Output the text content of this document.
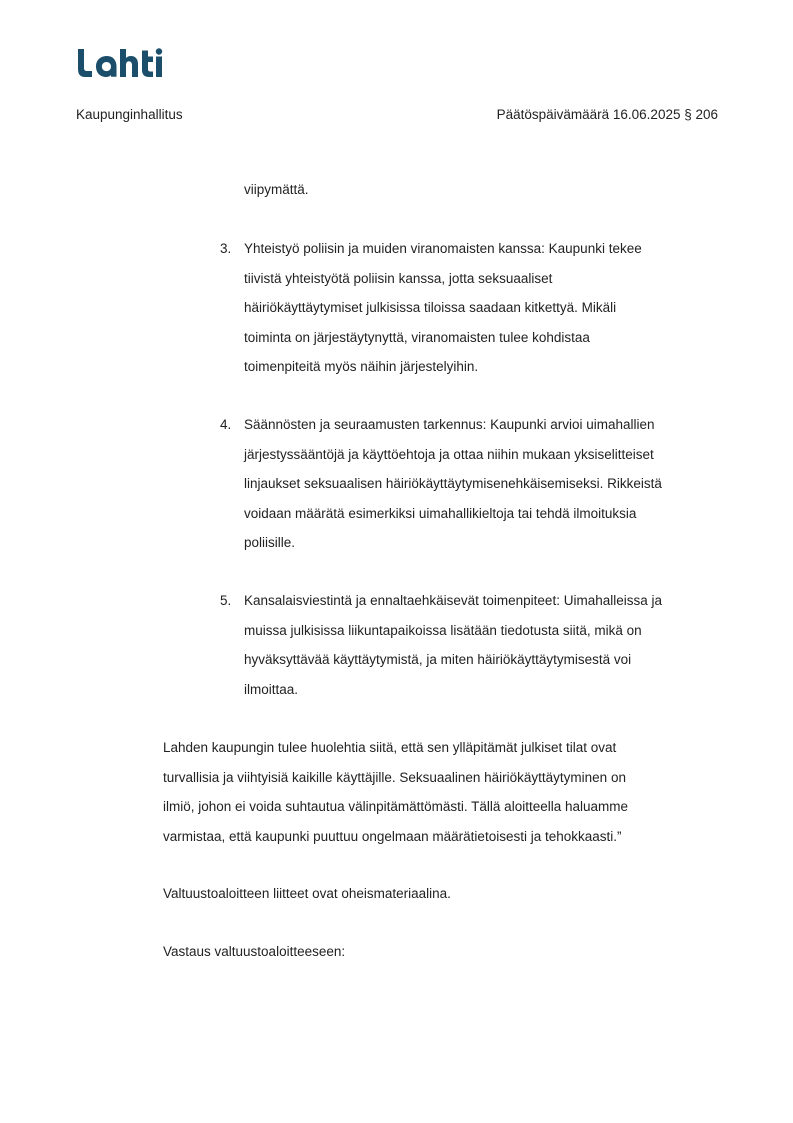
Kaupunginhallitus	Päätöspäivämäärä 16.06.2025 § 206

viipymättä.

3. Yhteistyö poliisin ja muiden viranomaisten kanssa: Kaupunki tekee
tiivistä yhteistyötä poliisin kanssa, jotta seksuaaliset
häiriökäyttäytymiset julkisissa tiloissa saadaan kitkettyä. Mikäli
toiminta on järjestäytynyttä, viranomaisten tulee kohdistaa
toimenpiteitä myös näihin järjestelyihin.

4. Säännösten ja seuraamusten tarkennus: Kaupunki arvioi uimahallien
järjestyssääntöjä ja käyttöehtoja ja ottaa niihin mukaan yksiselitteiset
linjaukset seksuaalisen häiriökäyttäytymisenehkäisemiseksi. Rikkeistä
voidaan määrätä esimerkiksi uimahallikieltoja tai tehdä ilmoituksia
poliisille.

5. Kansalaisviestintä ja ennaltaehkäisevät toimenpiteet: Uimahalleissa ja
muissa julkisissa liikuntapaikoissa lisätään tiedotusta siitä, mikä on
hyväksyttävää käyttäytymistä, ja miten häiriökäyttäytymisestä voi
ilmoittaa.

Lahden kaupungin tulee huolehtia siitä, että sen ylläpitämät julkiset tilat ovat
turvallisia ja viihtyisiä kaikille käyttäjille. Seksuaalinen häiriökäyttäytyminen on
ilmiö, johon ei voida suhtautua välinpitämättömästi. Tällä aloitteella haluamme
varmistaa, että kaupunki puuttuu ongelmaan määrätietoisesti ja tehokkaasti.”

Valtuustoaloitteen liitteet ovat oheismateriaalina.

Vastaus valtuustoaloitteeseen:
